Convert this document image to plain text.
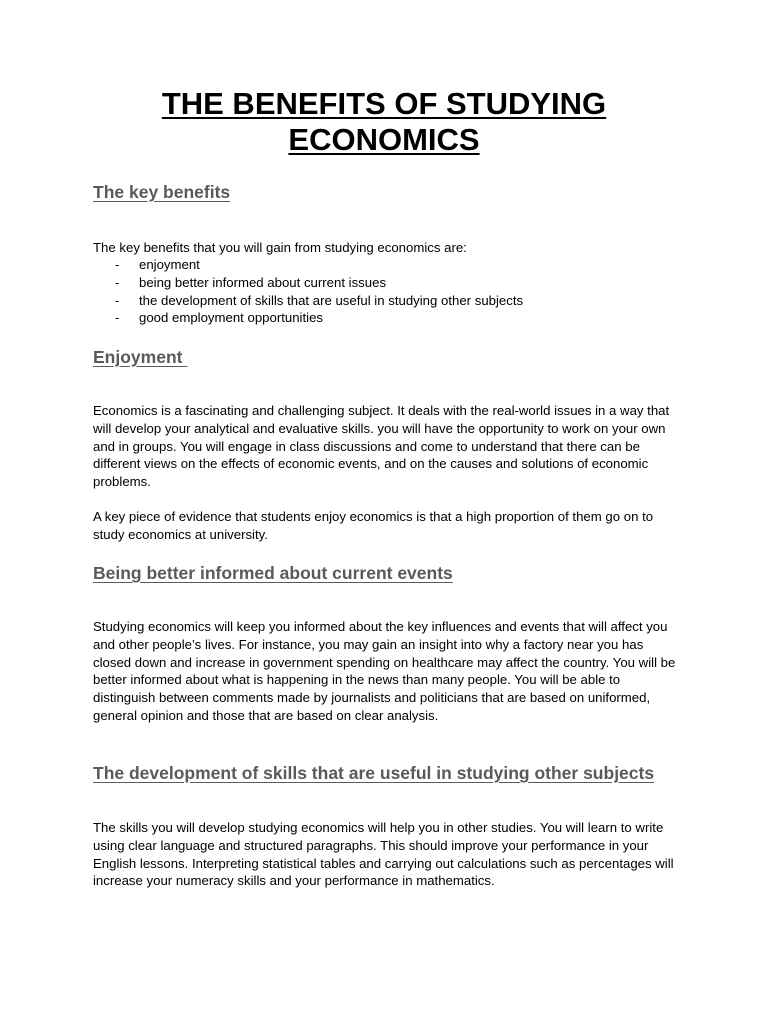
THE BENEFITS OF STUDYING
ECONOMICS
The key benefits

The key benefits that you will gain from studying economics are:

- enjoyment
- being better informed about current issues
- the development of skills that are useful in studying other subjects
- good employment opportunities
Enjoyment

Economics is a fascinating and challenging subject. It deals with the real-world issues in a way that will develop your analytical and evaluative skills. you will have the opportunity to work on your own and in groups. You will engage in class discussions and come to understand that there can be different views on the effects of economic events, and on the causes and solutions of economic problems.

A key piece of evidence that students enjoy economics is that a high proportion of them go on to study economics at university.

Being better informed about current events

Studying economics will keep you informed about the key influences and events that will affect you and other people’s lives. For instance, you may gain an insight into why a factory near you has closed down and increase in government spending on healthcare may affect the country. You will be better informed about what is happening in the news than many people. You will be able to distinguish between comments made by journalists and politicians that are based on uniformed, general opinion and those that are based on clear analysis.

The development of skills that are useful in studying other subjects

The skills you will develop studying economics will help you in other studies. You will learn to write using clear language and structured paragraphs. This should improve your performance in your English lessons. Interpreting statistical tables and carrying out calculations such as percentages will increase your numeracy skills and your performance in mathematics.
